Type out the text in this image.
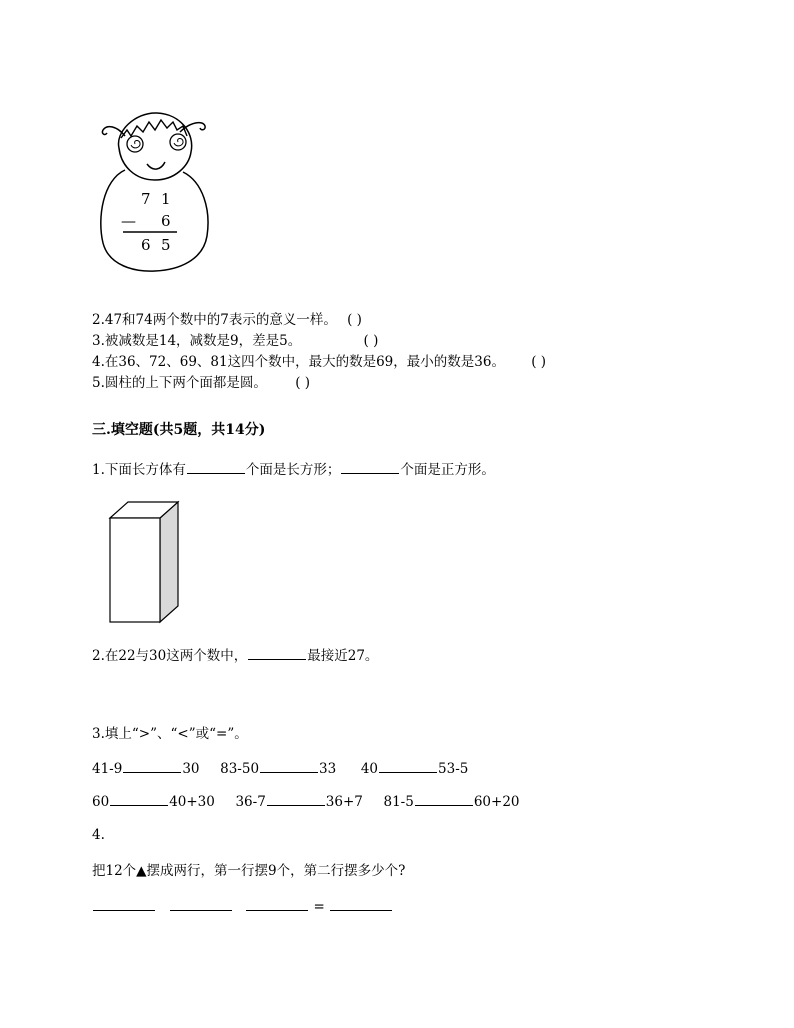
7 1
— 6
6 5
2.47和74两个数中的7表示的意义一样。 ( )
3.被减数是14，减数是9，差是5。	( )
4.在36、72、69、81这四个数中，最大的数是69，最小的数是36。 ( )
5.圆柱的上下两个面都是圆。 ( )
三.填空题(共5题，共14分)
1.下面长方体有	个面是长方形；	个面是正方形。
2.在22与30这两个数中，	最接近27。
3.填上“>”、“<”或“=”。
41-9	30 83-50	33 40	53-5
60	40+30 36-7	36+7 81-5	60+20
4.
把12个▲摆成两行，第一行摆9个，第二行摆多少个?
=
